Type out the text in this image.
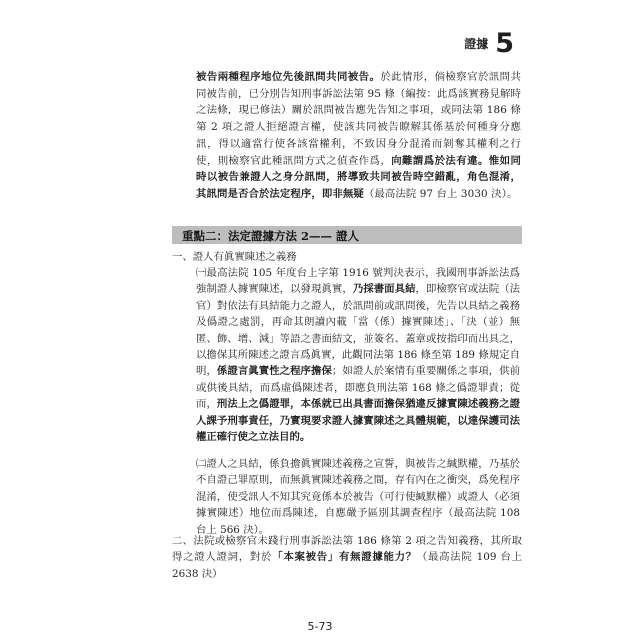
證據 5
被告兩種程序地位先後訊問共同被告。於此情形，倘檢察官於訊問共同被告前，已分別告知刑事訴訟法第 95 條（編按：此爲該實務見解時之法條，現已修法）關於訊問被告應先告知之事項，或同法第 186 條第 2 項之證人拒絕證言權，使該共同被告瞭解其係基於何種身分應訊，得以適當行使各該當權利，不致因身分混淆而剝奪其權利之行使，則檢察官此種訊問方式之偵查作爲，向難謂爲於法有違。惟如同時以被告兼證人之身分訊問，將導致共同被告時空錯亂，角色混淆，其訊問是否合於法定程序，即非無疑（最高法院 97 台上 3030 決）。
重點二：法定證據方法 2—— 證人
一、證人有眞實陳述之義務
㈠最高法院 105 年度台上字第 1916 號判決表示，我國刑事訴訟法爲強制證人據實陳述，以發現眞實，乃採書面具結，即檢察官或法院（法官）對依法有具結能力之證人，於訊問前或訊問後，先告以具結之義務及僞證之處罰，再命其朗讀內載「當（係）據實陳述」、「決（並）無匿、飾、增、減」等語之書面結文，並簽名、蓋章或按指印而出具之，以擔保其所陳述之證言爲眞實，此觀同法第 186 條至第 189 條規定自明，係證言眞實性之程序擔保；如證人於案情有重要關係之事項，供前或供後具結，而爲虛僞陳述者，即應負刑法第 168 條之僞證罪責；從而，刑法上之僞證罪，本係就已出具書面擔保猶違反據實陳述義務之證人課予刑事責任，乃實現要求證人據實陳述之具體規範，以達保護司法權正確行使之立法目的。
㈡證人之具結，係負擔眞實陳述義務之宣誓，與被告之緘默權，乃基於不自證己罪原則，而無眞實陳述義務之間，存有內在之衝突，爲免程序混淆，使受訊人不知其究竟係本於被告（可行使緘默權）或證人（必須據實陳述）地位而爲陳述，自應嚴予區別其調查程序（最高法院 108 台上 566 決）。
二、法院或檢察官未踐行刑事訴訟法第 186 條第 2 項之告知義務，其所取得之證人證詞，對於「本案被告」有無證據能力？（最高法院 109 台上 2638 決）
5-73
